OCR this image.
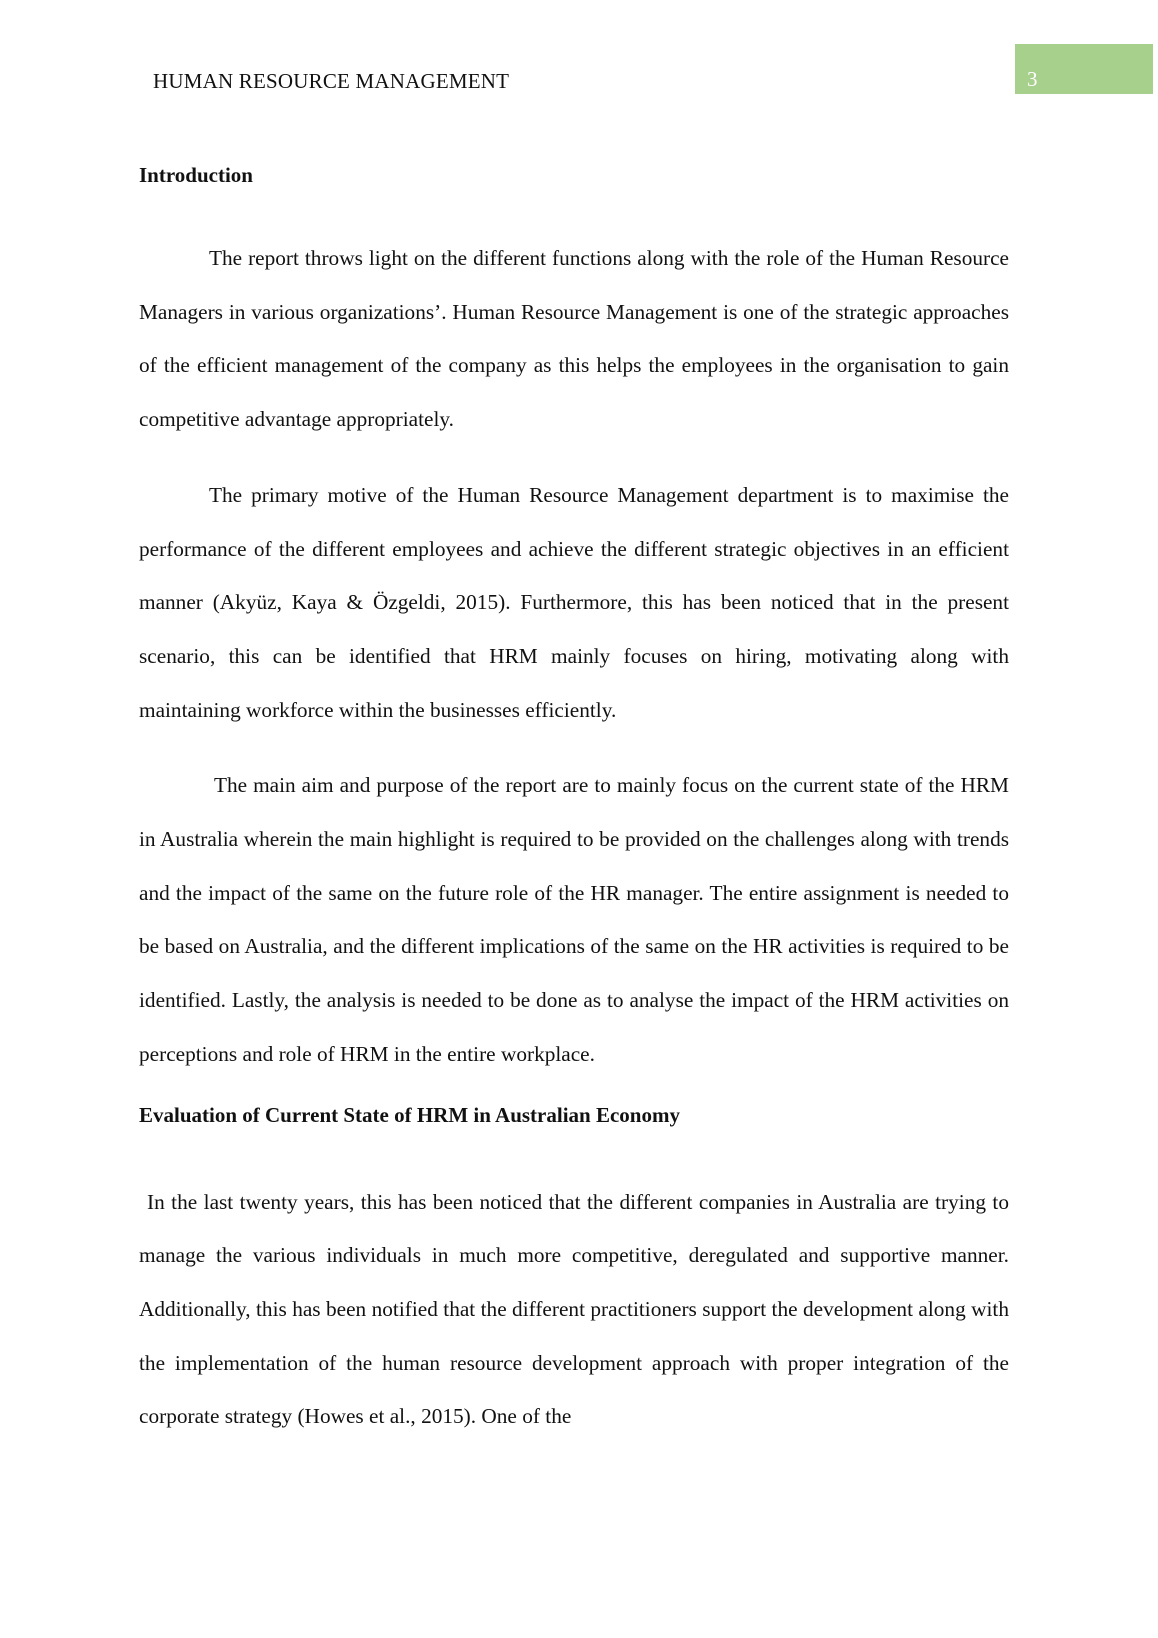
HUMAN RESOURCE MANAGEMENT	3
Introduction

The report throws light on the different functions along with the role of the Human Resource Managers in various organizations’. Human Resource Management is one of the strategic approaches of the efficient management of the company as this helps the employees in the organisation to gain competitive advantage appropriately.

The primary motive of the Human Resource Management department is to maximise the performance of the different employees and achieve the different strategic objectives in an efficient manner (Akyüz, Kaya & Özgeldi, 2015). Furthermore, this has been noticed that in the present scenario, this can be identified that HRM mainly focuses on hiring, motivating along with maintaining workforce within the businesses efficiently.

The main aim and purpose of the report are to mainly focus on the current state of the HRM in Australia wherein the main highlight is required to be provided on the challenges along with trends and the impact of the same on the future role of the HR manager. The entire assignment is needed to be based on Australia, and the different implications of the same on the HR activities is required to be identified. Lastly, the analysis is needed to be done as to analyse the impact of the HRM activities on perceptions and role of HRM in the entire workplace.

Evaluation of Current State of HRM in Australian Economy

In the last twenty years, this has been noticed that the different companies in Australia are trying to manage the various individuals in much more competitive, deregulated and supportive manner. Additionally, this has been notified that the different practitioners support the development along with the implementation of the human resource development approach with proper integration of the corporate strategy (Howes et al., 2015). One of the
